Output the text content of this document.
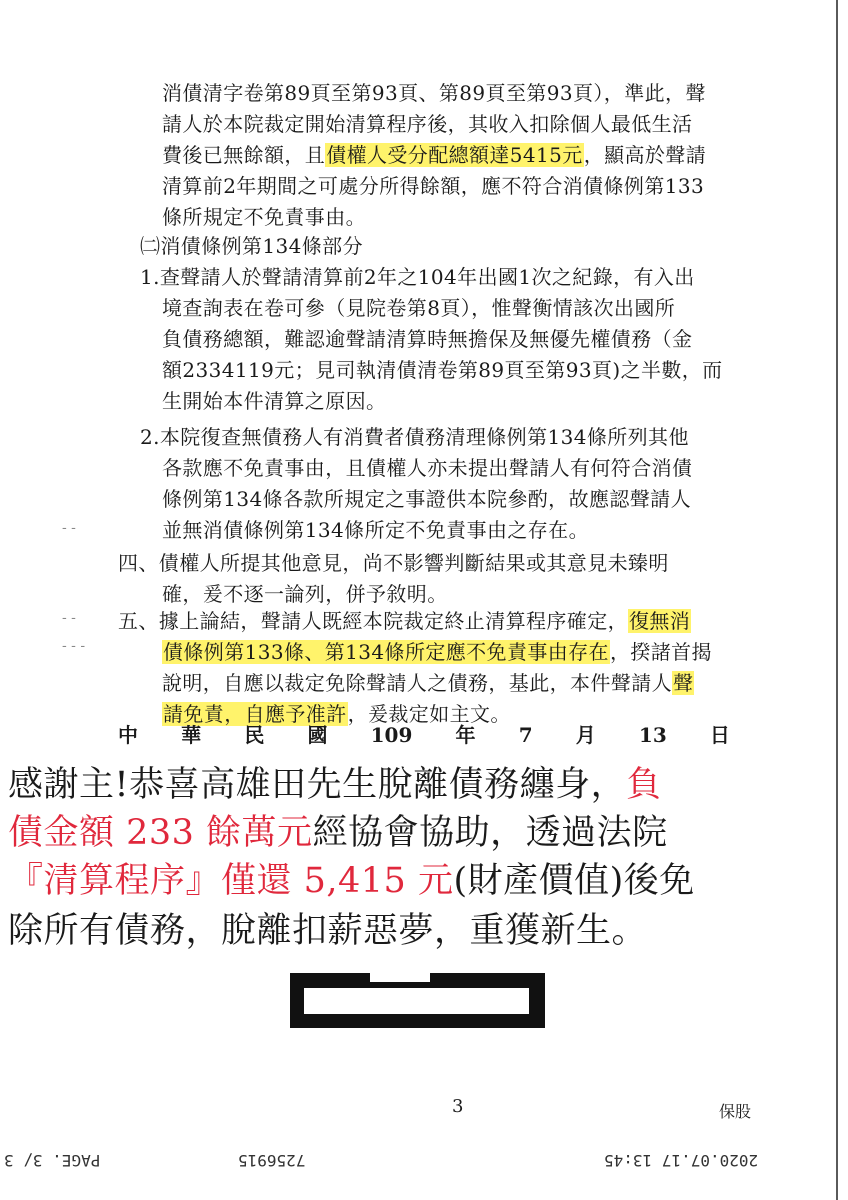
消債清字卷第89頁至第93頁、第89頁至第93頁），準此，聲
請人於本院裁定開始清算程序後，其收入扣除個人最低生活
費後已無餘額，且債權人受分配總額達5415元，顯高於聲請
清算前2年期間之可處分所得餘額，應不符合消債條例第133
條所規定不免責事由。
㈡消債條例第134條部分
1.查聲請人於聲請清算前2年之104年出國1次之紀錄，有入出
境查詢表在卷可參（見院卷第8頁），惟聲衡情該次出國所
負債務總額，難認逾聲請清算時無擔保及無優先權債務（金
額2334119元；見司執清債清卷第89頁至第93頁)之半數，而
生開始本件清算之原因。
2.本院復查無債務人有消費者債務清理條例第134條所列其他
各款應不免責事由，且債權人亦未提出聲請人有何符合消債
條例第134條各款所規定之事證供本院參酌，故應認聲請人
並無消債條例第134條所定不免責事由之存在。
四、債權人所提其他意見，尚不影響判斷結果或其意見未臻明
確，爰不逐一論列，併予敘明。
五、據上論結，聲請人既經本院裁定終止清算程序確定，復無消
債條例第133條、第134條所定應不免責事由存在，揆諸首揭
說明，自應以裁定免除聲請人之債務，基此，本件聲請人聲
請免責，自應予准許，爰裁定如主文。
- -
- - -
- -
中 華 民 國 109 年 7 月 13 日
感謝主!恭喜高雄田先生脫離債務纏身，負
債金額 233 餘萬元經協會協助，透過法院
『清算程序』僅還 5,415 元(財產價值)後免
除所有債務，脫離扣薪惡夢，重獲新生。
3	保股
PAGE. 3/ 3	7256915	2020.07.17 13:45
